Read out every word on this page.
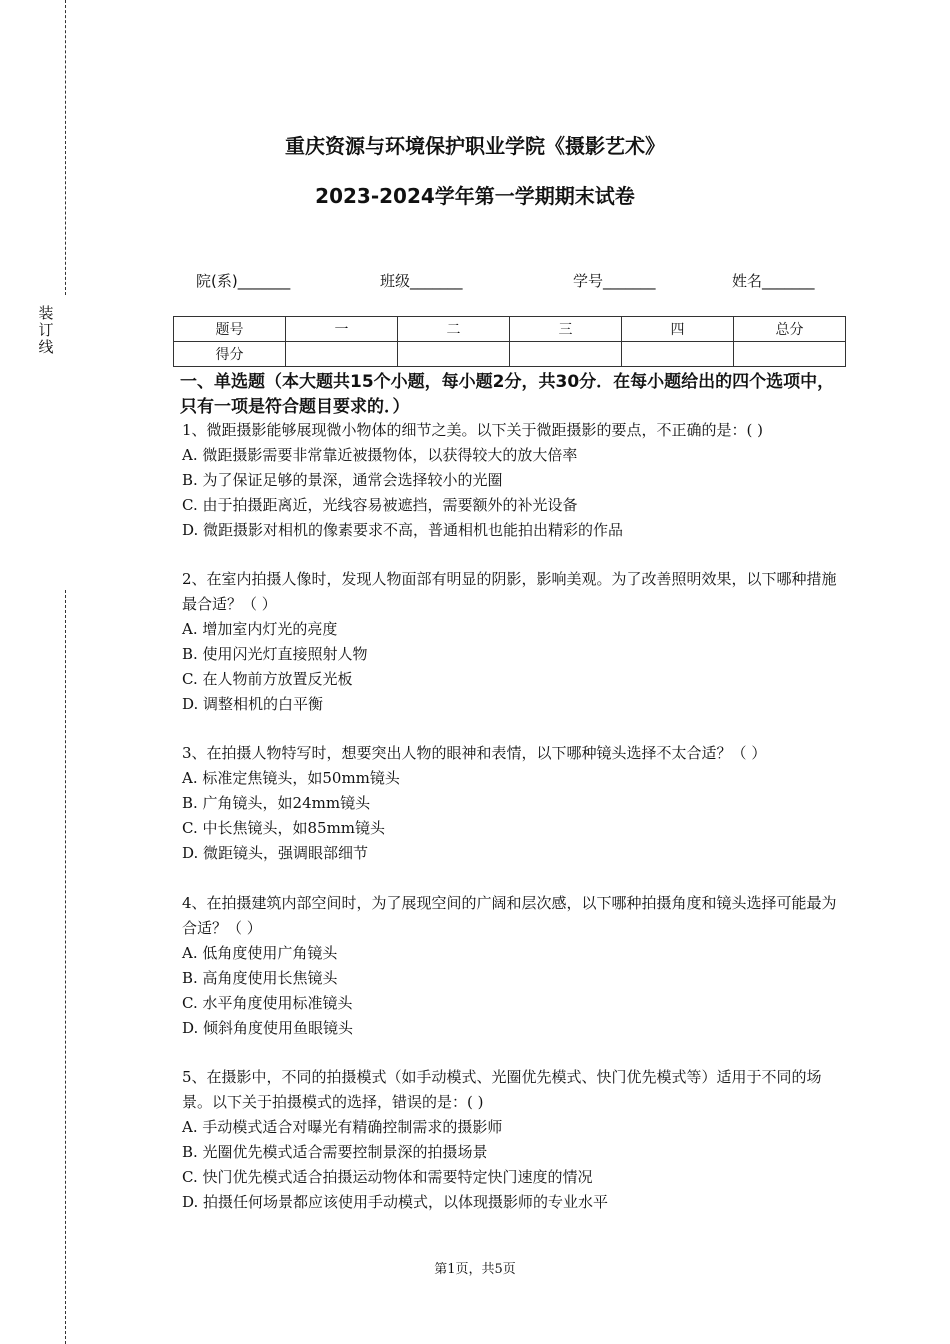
装
订
线
重庆资源与环境保护职业学院《摄影艺术》
2023-2024学年第一学期期末试卷
院(系)_______	班级_______	学号_______	姓名_______
题号	一	二	三	四	总分
得分					
一、单选题（本大题共15个小题，每小题2分，共30分．在每小题给出的四个选项中，只有一项是符合题目要求的．）

1、微距摄影能够展现微小物体的细节之美。以下关于微距摄影的要点，不正确的是：( )

A. 微距摄影需要非常靠近被摄物体，以获得较大的放大倍率

B. 为了保证足够的景深，通常会选择较小的光圈

C. 由于拍摄距离近，光线容易被遮挡，需要额外的补光设备

D. 微距摄影对相机的像素要求不高，普通相机也能拍出精彩的作品

2、在室内拍摄人像时，发现人物面部有明显的阴影，影响美观。为了改善照明效果，以下哪种措施最合适？（ ）

A. 增加室内灯光的亮度

B. 使用闪光灯直接照射人物

C. 在人物前方放置反光板

D. 调整相机的白平衡

3、在拍摄人物特写时，想要突出人物的眼神和表情，以下哪种镜头选择不太合适？（ ）

A. 标准定焦镜头，如50mm镜头

B. 广角镜头，如24mm镜头

C. 中长焦镜头，如85mm镜头

D. 微距镜头，强调眼部细节

4、在拍摄建筑内部空间时，为了展现空间的广阔和层次感，以下哪种拍摄角度和镜头选择可能最为合适？（ ）

A. 低角度使用广角镜头

B. 高角度使用长焦镜头

C. 水平角度使用标准镜头

D. 倾斜角度使用鱼眼镜头

5、在摄影中，不同的拍摄模式（如手动模式、光圈优先模式、快门优先模式等）适用于不同的场景。以下关于拍摄模式的选择，错误的是：( )

A. 手动模式适合对曝光有精确控制需求的摄影师

B. 光圈优先模式适合需要控制景深的拍摄场景

C. 快门优先模式适合拍摄运动物体和需要特定快门速度的情况

D. 拍摄任何场景都应该使用手动模式，以体现摄影师的专业水平

第1页，共5页
